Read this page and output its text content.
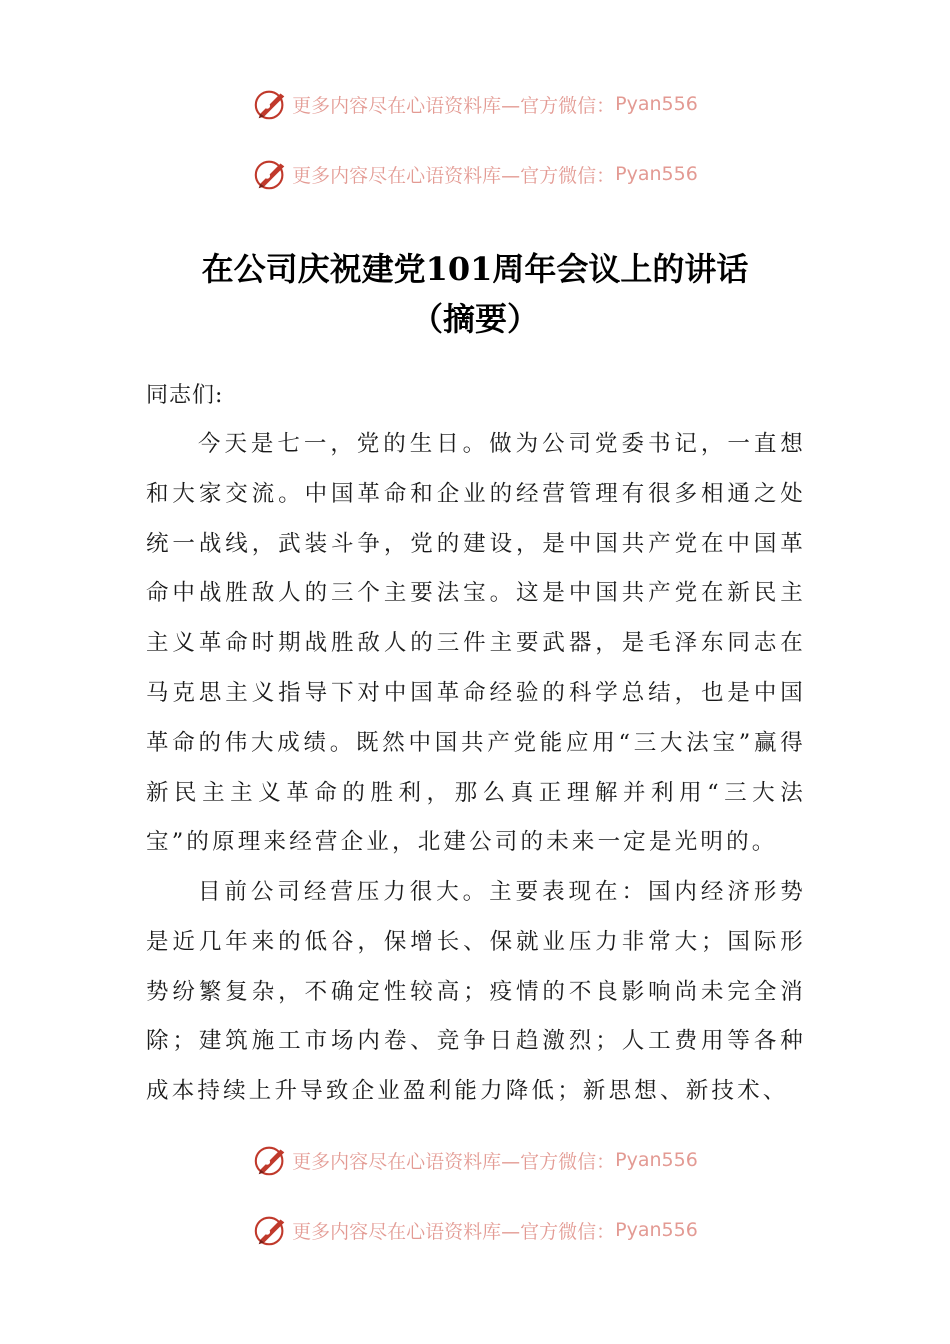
更多内容尽在心语资料库—官方微信： Pyan556
更多内容尽在心语资料库—官方微信： Pyan556
在公司庆祝建党101周年会议上的讲话
（摘要）
同志们:

今天是七一，党的生日。做为公司党委书记，一直想和大家交流。中国革命和企业的经营管理有很多相通之处统一战线，武装斗争，党的建设，是中国共产党在中国革命中战胜敌人的三个主要法宝。这是中国共产党在新民主主义革命时期战胜敌人的三件主要武器，是毛泽东同志在马克思主义指导下对中国革命经验的科学总结，也是中国革命的伟大成绩。既然中国共产党能应用“三大法宝”赢得新民主主义革命的胜利，那么真正理解并利用“三大法宝”的原理来经营企业，北建公司的未来一定是光明的。

目前公司经营压力很大。主要表现在：国内经济形势是近几年来的低谷，保增长、保就业压力非常大；国际形势纷繁复杂，不确定性较高；疫情的不良影响尚未完全消除；建筑施工市场内卷、竞争日趋激烈；人工费用等各种成本持续上升导致企业盈利能力降低；新思想、新技术、

更多内容尽在心语资料库—官方微信： Pyan556
更多内容尽在心语资料库—官方微信： Pyan556
